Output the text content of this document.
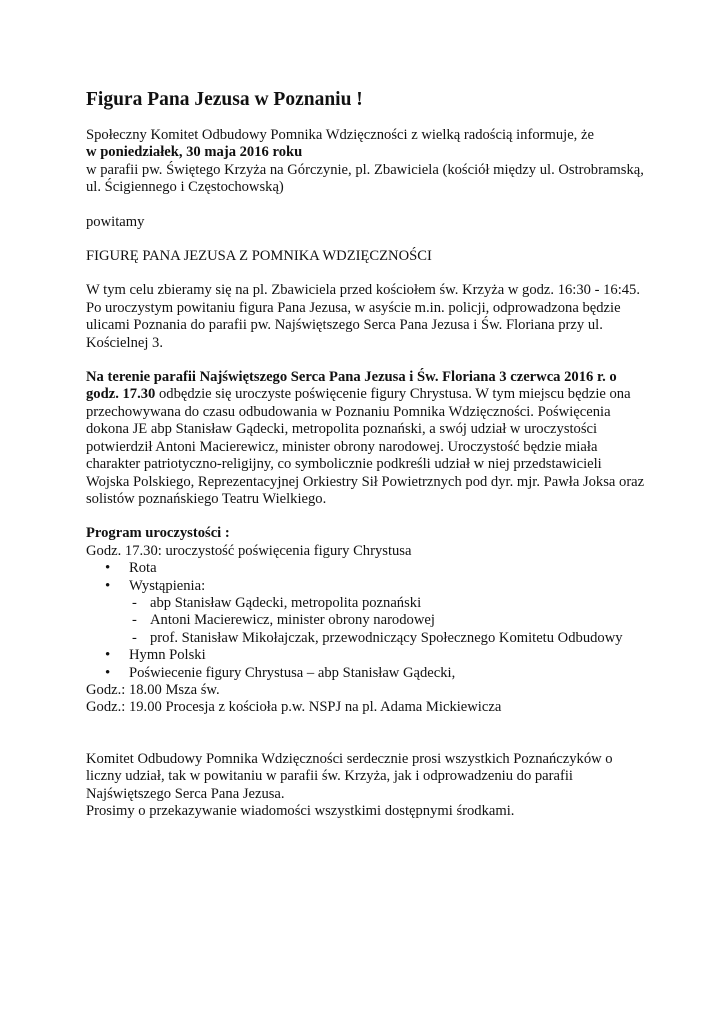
Figura Pana Jezusa w Poznaniu !

Społeczny Komitet Odbudowy Pomnika Wdzięczności z wielką radością informuje, że

w poniedziałek, 30 maja 2016 roku

w parafii pw. Świętego Krzyża na Górczynie, pl. Zbawiciela (kościół między ul. Ostrobramską, ul. Ścigiennego i Częstochowską)

powitamy

FIGURĘ PANA JEZUSA Z POMNIKA WDZIĘCZNOŚCI

W tym celu zbieramy się na pl. Zbawiciela przed kościołem św. Krzyża w godz. 16:30 - 16:45. Po uroczystym powitaniu figura Pana Jezusa, w asyście m.in. policji, odprowadzona będzie ulicami Poznania do parafii pw. Najświętszego Serca Pana Jezusa i Św. Floriana przy ul. Kościelnej 3.

Na terenie parafii Najświętszego Serca Pana Jezusa i Św. Floriana 3 czerwca 2016 r. o godz. 17.30 odbędzie się uroczyste poświęcenie figury Chrystusa. W tym miejscu będzie ona przechowywana do czasu odbudowania w Poznaniu Pomnika Wdzięczności. Poświęcenia dokona JE abp Stanisław Gądecki, metropolita poznański, a swój udział w uroczystości potwierdził Antoni Macierewicz, minister obrony narodowej. Uroczystość będzie miała charakter patriotyczno-religijny, co symbolicznie podkreśli udział w niej przedstawicieli Wojska Polskiego, Reprezentacyjnej Orkiestry Sił Powietrznych pod dyr. mjr. Pawła Joksa oraz solistów poznańskiego Teatru Wielkiego.

Program uroczystości :

Godz. 17.30: uroczystość poświęcenia figury Chrystusa

• Rota
• Wystąpienia:
- abp Stanisław Gądecki, metropolita poznański
- Antoni Macierewicz, minister obrony narodowej
- prof. Stanisław Mikołajczak, przewodniczący Społecznego Komitetu Odbudowy
• Hymn Polski
• Poświecenie figury Chrystusa – abp Stanisław Gądecki,

Godz.: 18.00 Msza św.

Godz.: 19.00 Procesja z kościoła p.w. NSPJ na pl. Adama Mickiewicza

Komitet Odbudowy Pomnika Wdzięczności serdecznie prosi wszystkich Poznańczyków o liczny udział, tak w powitaniu w parafii św. Krzyża, jak i odprowadzeniu do parafii Najświętszego Serca Pana Jezusa.

Prosimy o przekazywanie wiadomości wszystkimi dostępnymi środkami.
